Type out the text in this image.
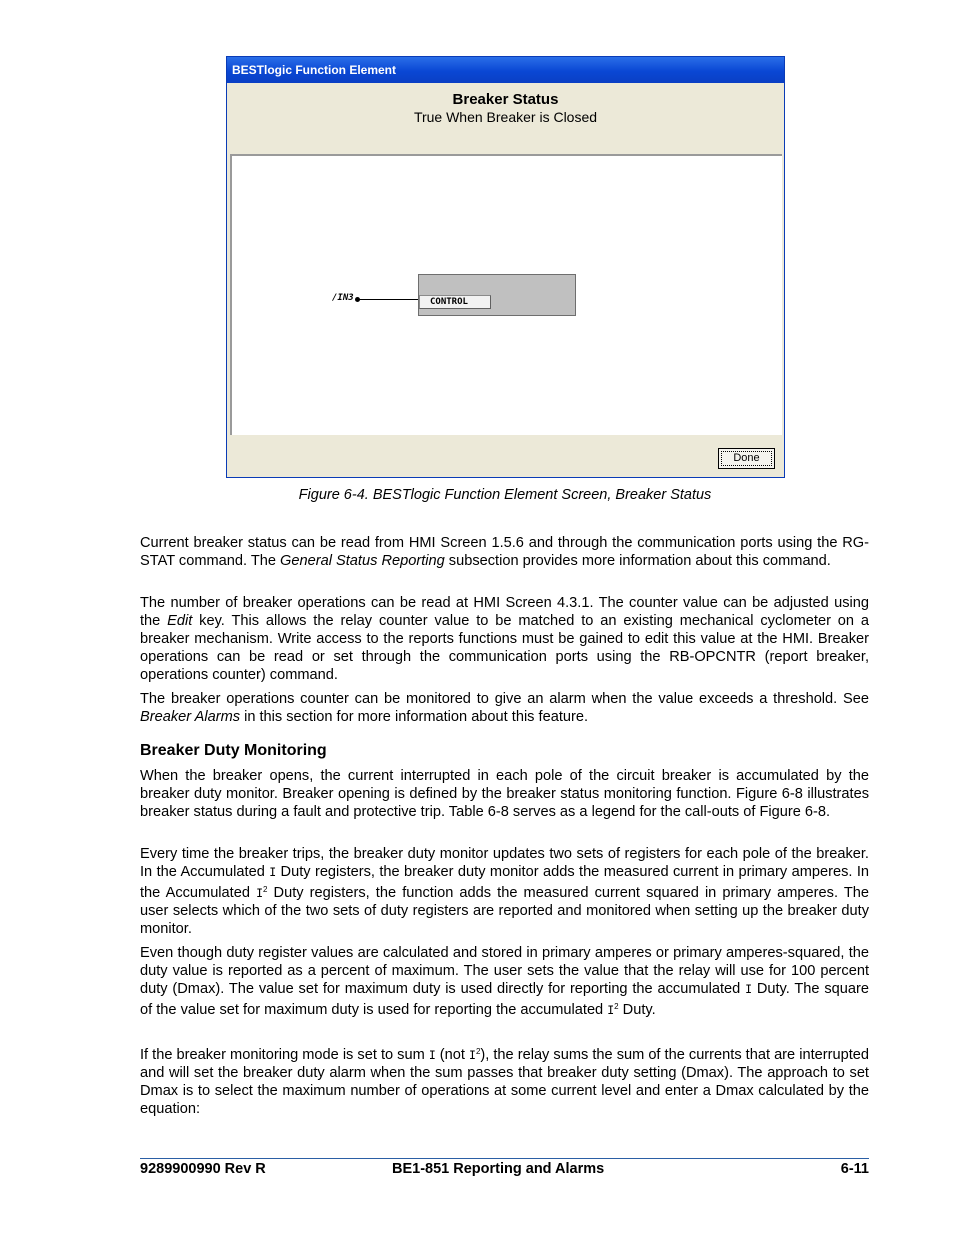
BESTlogic Function Element
Breaker Status
True When Breaker is Closed
/IN3	CONTROL
Done
Figure 6-4. BESTlogic Function Element Screen, Breaker Status

Current breaker status can be read from HMI Screen 1.5.6 and through the communication ports using the RG-STAT command. The General Status Reporting subsection provides more information about this command.

The number of breaker operations can be read at HMI Screen 4.3.1. The counter value can be adjusted using the Edit key. This allows the relay counter value to be matched to an existing mechanical cyclometer on a breaker mechanism. Write access to the reports functions must be gained to edit this value at the HMI. Breaker operations can be read or set through the communication ports using the RB-OPCNTR (report breaker, operations counter) command.

The breaker operations counter can be monitored to give an alarm when the value exceeds a threshold. See Breaker Alarms in this section for more information about this feature.

Breaker Duty Monitoring

When the breaker opens, the current interrupted in each pole of the circuit breaker is accumulated by the breaker duty monitor. Breaker opening is defined by the breaker status monitoring function. Figure 6-8 illustrates breaker status during a fault and protective trip. Table 6-8 serves as a legend for the call-outs of Figure 6-8.

Every time the breaker trips, the breaker duty monitor updates two sets of registers for each pole of the breaker. In the Accumulated I Duty registers, the breaker duty monitor adds the measured current in primary amperes. In the Accumulated $I^2$ Duty registers, the function adds the measured current squared in primary amperes. The user selects which of the two sets of duty registers are reported and monitored when setting up the breaker duty monitor.

Even though duty register values are calculated and stored in primary amperes or primary amperes-squared, the duty value is reported as a percent of maximum. The user sets the value that the relay will use for 100 percent duty (Dmax). The value set for maximum duty is used directly for reporting the accumulated I Duty. The square of the value set for maximum duty is used for reporting the accumulated $I^2$ Duty.

If the breaker monitoring mode is set to sum I (not $I^2$), the relay sums the sum of the currents that are interrupted and will set the breaker duty alarm when the sum passes that breaker duty setting (Dmax). The approach to set Dmax is to select the maximum number of operations at some current level and enter a Dmax calculated by the equation:

9289900990 Rev R	BE1-851 Reporting and Alarms	6-11
